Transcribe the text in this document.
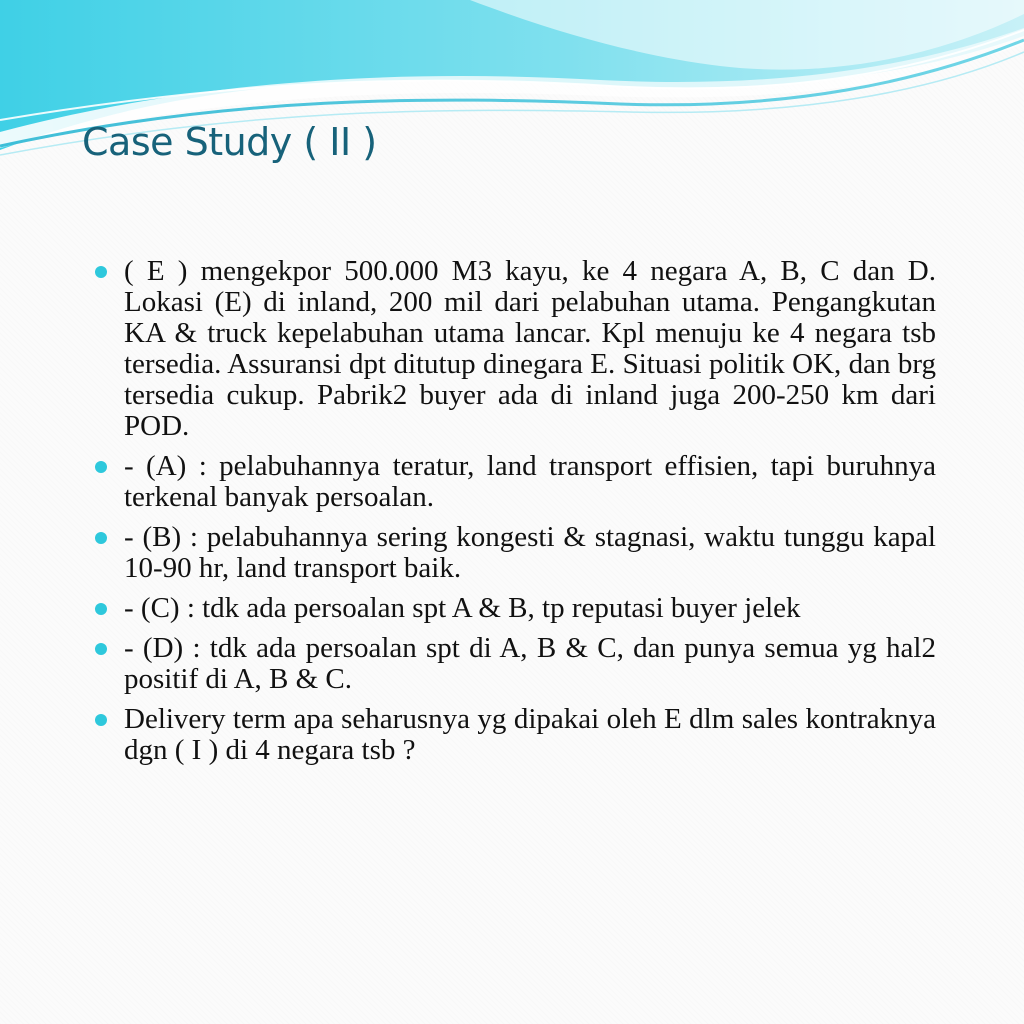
Case Study ( II )
( E ) mengekpor 500.000 M3 kayu, ke 4 negara A, B, C dan D. Lokasi (E) di inland, 200 mil dari pelabuhan utama. Pengangkutan KA & truck kepelabuhan utama lancar. Kpl menuju ke 4 negara tsb tersedia. Assuransi dpt ditutup dinegara E. Situasi politik OK, dan brg tersedia cukup. Pabrik2 buyer ada di inland juga 200-250 km dari POD.
- (A) : pelabuhannya teratur, land transport effisien, tapi buruhnya terkenal banyak persoalan.
- (B) : pelabuhannya sering kongesti & stagnasi, waktu tunggu kapal 10-90 hr, land transport baik.
- (C) : tdk ada persoalan spt A & B, tp reputasi buyer jelek
- (D) : tdk ada persoalan spt di A, B & C, dan punya semua yg hal2 positif di A, B & C.
Delivery term apa seharusnya yg dipakai oleh E dlm sales kontraknya dgn ( I ) di 4 negara tsb ?
